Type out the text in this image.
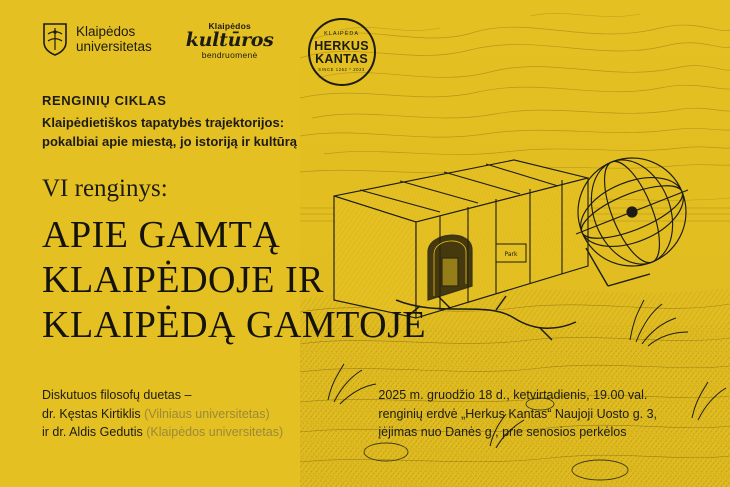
Park
Klaipėdos
universitetas
Klaipėdos
kultūros
bendruomenė
KLAIPĖDA
HERKUS KANTAS
SINCE 1252 * 2023
RENGINIŲ CIKLAS
Klaipėdietiškos tapatybės trajektorijos:
pokalbiai apie miestą, jo istoriją ir kultūrą
VI renginys:
APIE GAMTĄ
KLAIPĖDOJE IR
KLAIPĖDĄ GAMTOJE
Diskutuos filosofų duetas –
dr. Kęstas Kirtiklis (Vilniaus universitetas)
ir dr. Aldis Gedutis (Klaipėdos universitetas)
2025 m. gruodžio 18 d., ketvirtadienis, 19.00 val.
renginių erdvė „Herkus Kantas“ Naujoji Uosto g. 3,
įėjimas nuo Danės g., prie senosios perkėlos
